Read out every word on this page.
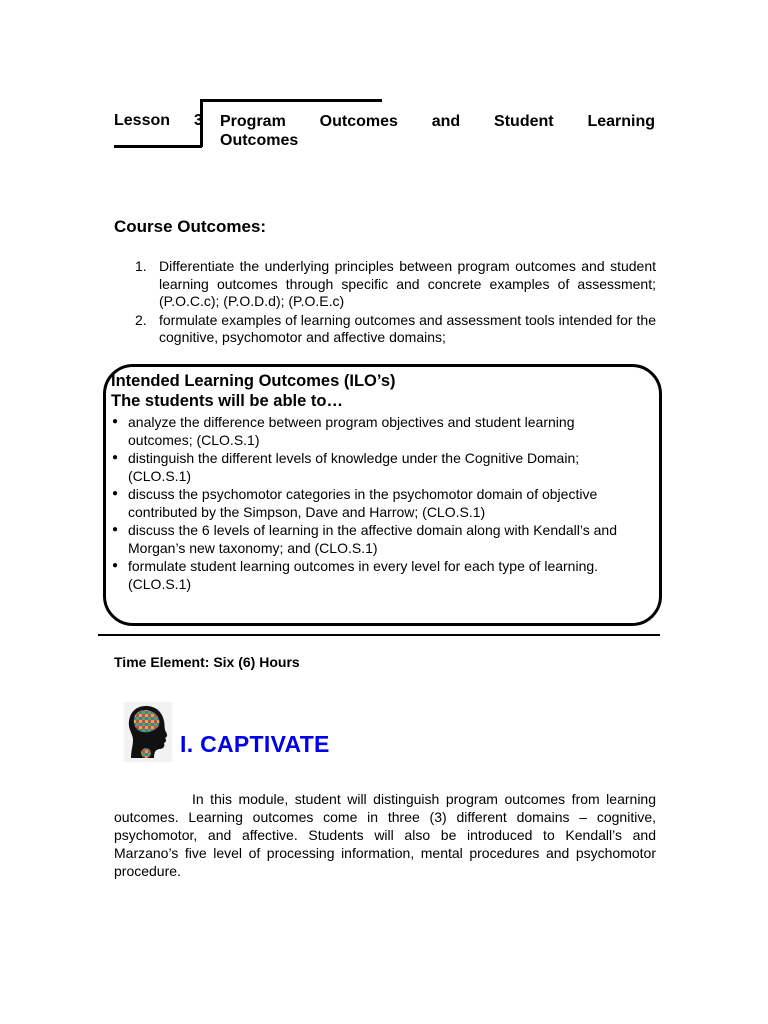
Lesson 3 Program Outcomes and Student Learning
Outcomes
Course Outcomes:
1. Differentiate the underlying principles between program outcomes and student learning outcomes through specific and concrete examples of assessment; (P.O.C.c); (P.O.D.d); (P.O.E.c)
2. formulate examples of learning outcomes and assessment tools intended for the cognitive, psychomotor and affective domains;
Intended Learning Outcomes (ILO’s)
The students will be able to…
● analyze the difference between program objectives and student learning outcomes; (CLO.S.1)
● distinguish the different levels of knowledge under the Cognitive Domain; (CLO.S.1)
● discuss the psychomotor categories in the psychomotor domain of objective contributed by the Simpson, Dave and Harrow; (CLO.S.1)
● discuss the 6 levels of learning in the affective domain along with Kendall’s and Morgan’s new taxonomy; and (CLO.S.1)
● formulate student learning outcomes in every level for each type of learning. (CLO.S.1)
Time Element: Six (6) Hours
I. CAPTIVATE
In this module, student will distinguish program outcomes from learning outcomes. Learning outcomes come in three (3) different domains – cognitive, psychomotor, and affective. Students will also be introduced to Kendall’s and Marzano’s five level of processing information, mental procedures and psychomotor procedure.
